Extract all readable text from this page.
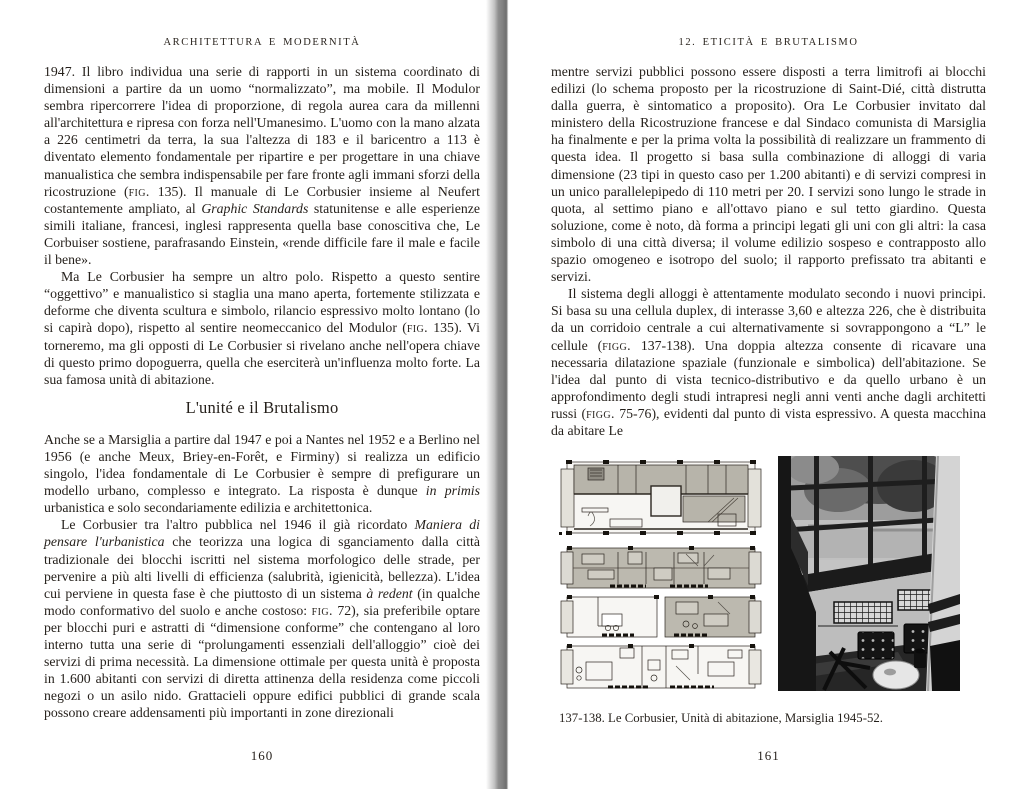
ARCHITETTURA E MODERNITÀ

1947. Il libro individua una serie di rapporti in un sistema coordinato di dimensioni a partire da un uomo “normalizzato”, ma mobile. Il Modulor sembra ripercorrere l'idea di proporzione, di regola aurea cara da millenni all'architettura e ripresa con forza nell'Umanesimo. L'uomo con la mano alzata a 226 centimetri da terra, la sua l'altezza di 183 e il baricentro a 113 è diventato elemento fondamentale per ripartire e per progettare in una chiave manualistica che sembra indispensabile per fare fronte agli immani sforzi della ricostruzione (fig. 135). Il manuale di Le Corbusier insieme al Neufert costantemente ampliato, al Graphic Standards statunitense e alle esperienze simili italiane, francesi, inglesi rappresenta quella base conoscitiva che, Le Corbuiser sostiene, parafrasando Einstein, «rende difficile fare il male e facile il bene».

Ma Le Corbusier ha sempre un altro polo. Rispetto a questo sentire “oggettivo” e manualistico si staglia una mano aperta, fortemente stilizzata e deforme che diventa scultura e simbolo, rilancio espressivo molto lontano (lo si capirà dopo), rispetto al sentire neomeccanico del Modulor (fig. 135). Vi torneremo, ma gli opposti di Le Corbusier si rivelano anche nell'opera chiave di questo primo dopoguerra, quella che eserciterà un'influenza molto forte. La sua famosa unità di abitazione.

L'unité e il Brutalismo

Anche se a Marsiglia a partire dal 1947 e poi a Nantes nel 1952 e a Berlino nel 1956 (e anche Meux, Briey-en-Forêt, e Firminy) si realizza un edificio singolo, l'idea fondamentale di Le Corbusier è sempre di prefigurare un modello urbano, complesso e integrato. La risposta è dunque in primis urbanistica e solo secondariamente edilizia e architettonica.

Le Corbusier tra l'altro pubblica nel 1946 il già ricordato Maniera di pensare l'urbanistica che teorizza una logica di sganciamento dalla città tradizionale dei blocchi iscritti nel sistema morfologico delle strade, per pervenire a più alti livelli di efficienza (salubrità, igienicità, bellezza). L'idea cui perviene in questa fase è che piuttosto di un sistema à redent (in qualche modo conformativo del suolo e anche costoso: fig. 72), sia preferibile optare per blocchi puri e astratti di “dimensione conforme” che contengano al loro interno tutta una serie di “prolungamenti essenziali dell'alloggio” cioè dei servizi di prima necessità. La dimensione ottimale per questa unità è proposta in 1.600 abitanti con servizi di diretta attinenza della residenza come piccoli negozi o un asilo nido. Grattacieli oppure edifici pubblici di grande scala possono creare addensamenti più importanti in zone direzionali

160
12. ETICITÀ E BRUTALISMO

mentre servizi pubblici possono essere disposti a terra limitrofi ai blocchi edilizi (lo schema proposto per la ricostruzione di Saint-Dié, città distrutta dalla guerra, è sintomatico a proposito). Ora Le Corbusier invitato dal ministero della Ricostruzione francese e dal Sindaco comunista di Marsiglia ha finalmente e per la prima volta la possibilità di realizzare un frammento di questa idea. Il progetto si basa sulla combinazione di alloggi di varia dimensione (23 tipi in questo caso per 1.200 abitanti) e di servizi compresi in un unico parallelepipedo di 110 metri per 20. I servizi sono lungo le strade in quota, al settimo piano e all'ottavo piano e sul tetto giardino. Questa soluzione, come è noto, dà forma a principi legati gli uni con gli altri: la casa simbolo di una città diversa; il volume edilizio sospeso e contrapposto allo spazio omogeneo e isotropo del suolo; il rapporto prefissato tra abitanti e servizi.

Il sistema degli alloggi è attentamente modulato secondo i nuovi principi. Si basa su una cellula duplex, di interasse 3,60 e altezza 226, che è distribuita da un corridoio centrale a cui alternativamente si sovrappongono a “L” le cellule (figg. 137-138). Una doppia altezza consente di ricavare una necessaria dilatazione spaziale (funzionale e simbolica) dell'abitazione. Se l'idea dal punto di vista tecnico-distributivo e da quello urbano è un approfondimento degli studi intrapresi negli anni venti anche dagli architetti russi (figg. 75-76), evidenti dal punto di vista espressivo. A questa macchina da abitare Le

137-138. Le Corbusier, Unità di abitazione, Marsiglia 1945-52.
161
